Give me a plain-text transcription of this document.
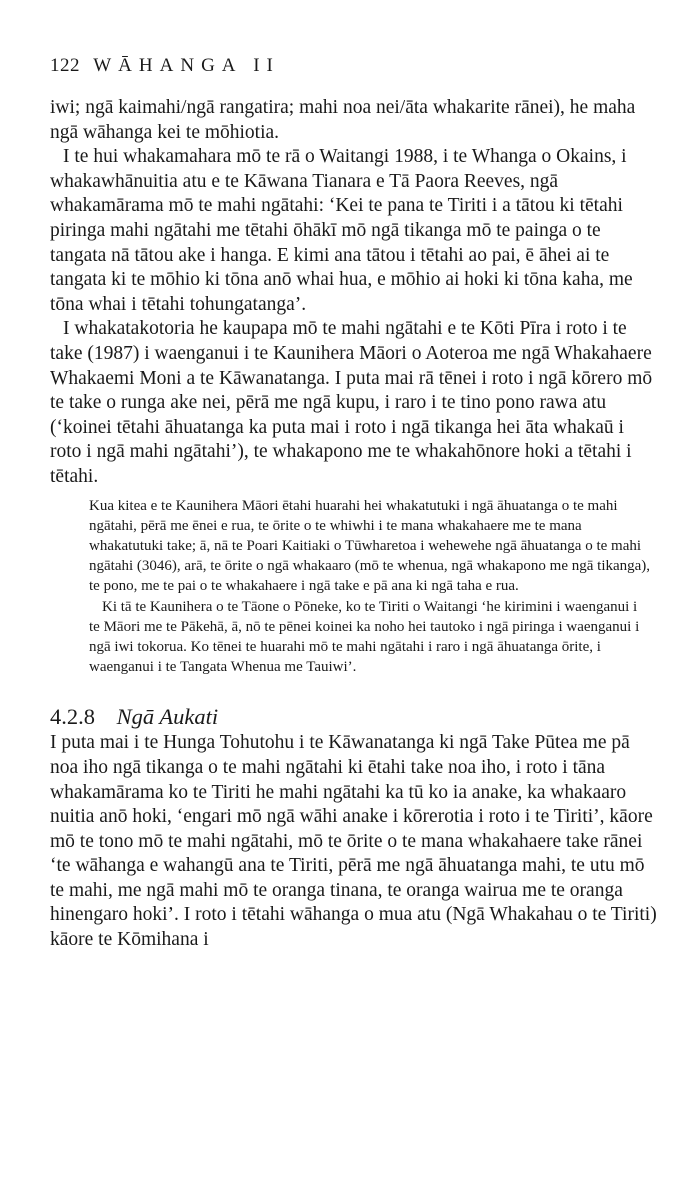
122 WĀHANGA II

iwi; ngā kaimahi/ngā rangatira; mahi noa nei/āta whakarite rānei), he maha ngā wāhanga kei te mōhiotia.

I te hui whakamahara mō te rā o Waitangi 1988, i te Whanga o Okains, i whakawhānuitia atu e te Kāwana Tianara e Tā Paora Reeves, ngā whakamārama mō te mahi ngātahi: ‘Kei te pana te Tiriti i a tātou ki tētahi piringa mahi ngātahi me tētahi ōhākī mō ngā tikanga mō te painga o te tangata nā tātou ake i hanga. E kimi ana tātou i tētahi ao pai, ē āhei ai te tangata ki te mōhio ki tōna anō whai hua, e mōhio ai hoki ki tōna kaha, me tōna whai i tētahi tohungatanga’.

I whakatakotoria he kaupapa mō te mahi ngātahi e te Kōti Pīra i roto i te take (1987) i waenganui i te Kaunihera Māori o Aoteroa me ngā Whakahaere Whakaemi Moni a te Kāwanatanga. I puta mai rā tēnei i roto i ngā kōrero mō te take o runga ake nei, pērā me ngā kupu, i raro i te tino pono rawa atu (‘koinei tētahi āhuatanga ka puta mai i roto i ngā tikanga hei āta whakaū i roto i ngā mahi ngātahi’), te whakapono me te whakahōnore hoki a tētahi i tētahi.

Kua kitea e te Kaunihera Māori ētahi huarahi hei whakatutuki i ngā āhuatanga o te mahi ngātahi, pērā me ēnei e rua, te ōrite o te whiwhi i te mana whakahaere me te mana whakatutuki take; ā, nā te Poari Kaitiaki o Tūwharetoa i wehewehe ngā āhuatanga o te mahi ngātahi (3046), arā, te ōrite o ngā whakaaro (mō te whenua, ngā whakapono me ngā tikanga), te pono, me te pai o te whakahaere i ngā take e pā ana ki ngā taha e rua.

Ki tā te Kaunihera o te Tāone o Pōneke, ko te Tiriti o Waitangi ‘he kirimini i waenganui i te Māori me te Pākehā, ā, nō te pēnei koinei ka noho hei tautoko i ngā piringa i waenganui i ngā iwi tokorua. Ko tēnei te huarahi mō te mahi ngātahi i raro i ngā āhuatanga ōrite, i waenganui i te Tangata Whenua me Tauiwi’.

4.2.8 Ngā Aukati

I puta mai i te Hunga Tohutohu i te Kāwanatanga ki ngā Take Pūtea me pā noa iho ngā tikanga o te mahi ngātahi ki ētahi take noa iho, i roto i tāna whakamārama ko te Tiriti he mahi ngātahi ka tū ko ia anake, ka whakaaro nuitia anō hoki, ‘engari mō ngā wāhi anake i kōrerotia i roto i te Tiriti’, kāore mō te tono mō te mahi ngātahi, mō te ōrite o te mana whakahaere take rānei ‘te wāhanga e wahangū ana te Tiriti, pērā me ngā āhuatanga mahi, te utu mō te mahi, me ngā mahi mō te oranga tinana, te oranga wairua me te oranga hinengaro hoki’. I roto i tētahi wāhanga o mua atu (Ngā Whakahau o te Tiriti) kāore te Kōmihana i
